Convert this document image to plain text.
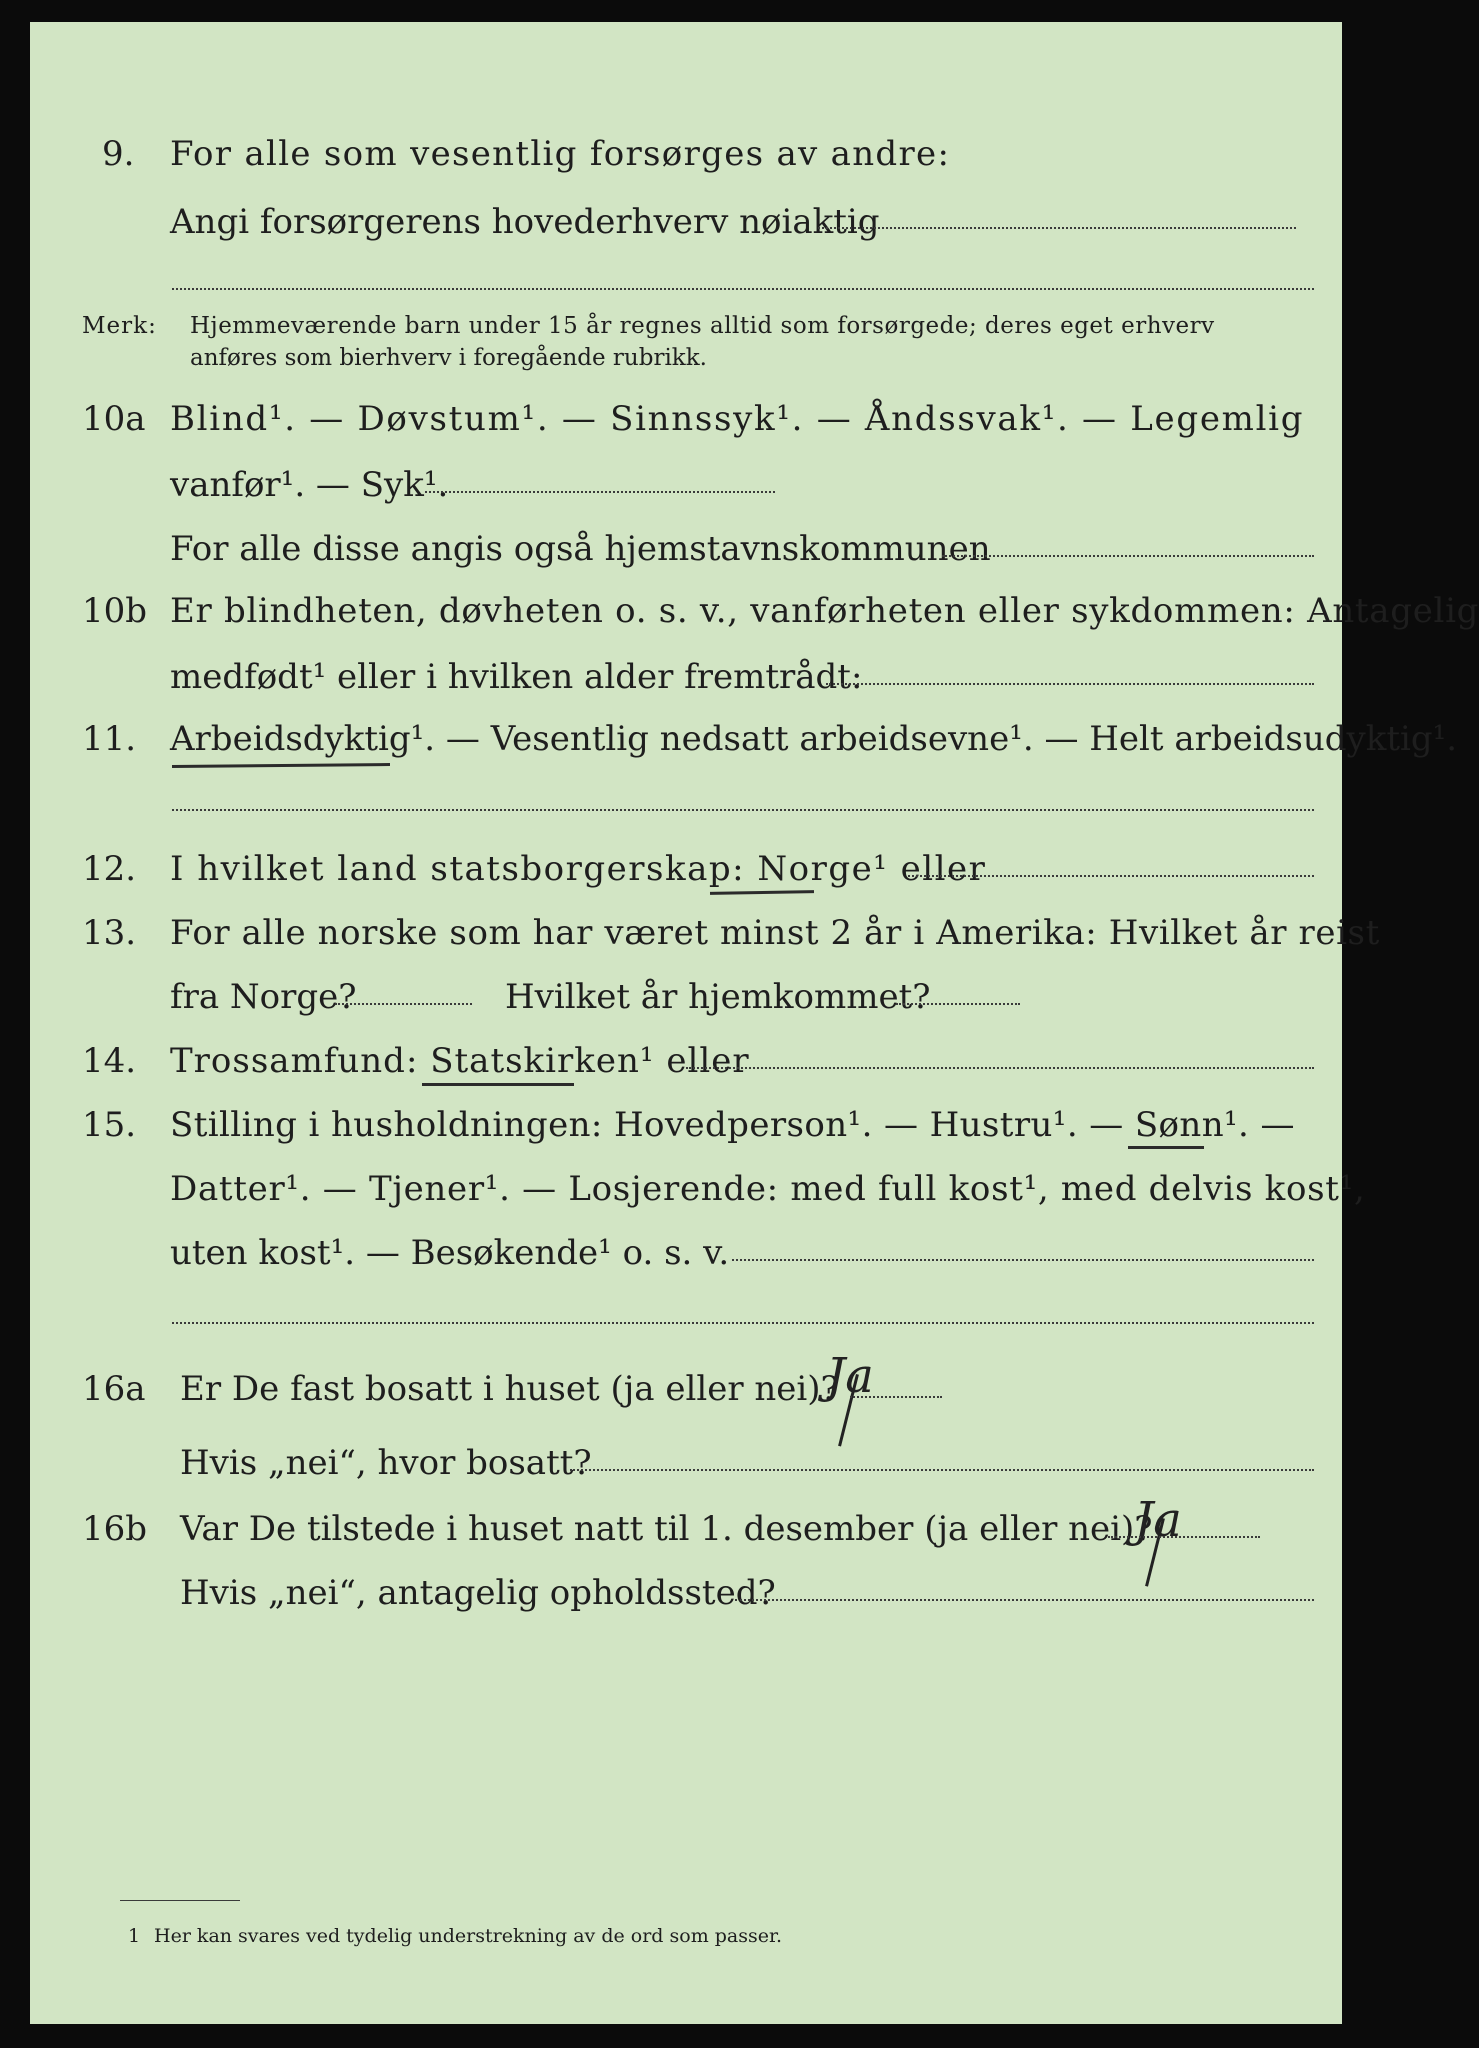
9. For alle som vesentlig forsørges av andre:
Angi forsørgerens hovederhverv nøiaktig
Merk: Hjemmeværende barn under 15 år regnes alltid som forsørgede; deres eget erhverv
anføres som bierhverv i foregående rubrikk.
10a Blind¹. — Døvstum¹. — Sinnssyk¹. — Åndssvak¹. — Legemlig
vanfør¹. — Syk¹.
For alle disse angis også hjemstavnskommunen
10b Er blindheten, døvheten o. s. v., vanførheten eller sykdommen: Antagelig
medfødt¹ eller i hvilken alder fremtrådt:
11. Arbeidsdyktig¹. — Vesentlig nedsatt arbeidsevne¹. — Helt arbeidsudyktig¹.
12. I hvilket land statsborgerskap: Norge¹ eller
13. For alle norske som har været minst 2 år i Amerika: Hvilket år reist
fra Norge?	Hvilket år hjemkommet?
14. Trossamfund: Statskirken¹ eller
15. Stilling i husholdningen: Hovedperson¹. — Hustru¹. — Sønn¹. —
Datter¹. — Tjener¹. — Losjerende: med full kost¹, med delvis kost¹,
uten kost¹. — Besøkende¹ o. s. v.
16a Er De fast bosatt i huset (ja eller nei)?
Ja
Hvis „nei“, hvor bosatt?
16b Var De tilstede i huset natt til 1. desember (ja eller nei)?
Ja
Hvis „nei“, antagelig opholdssted?
1 Her kan svares ved tydelig understrekning av de ord som passer.
